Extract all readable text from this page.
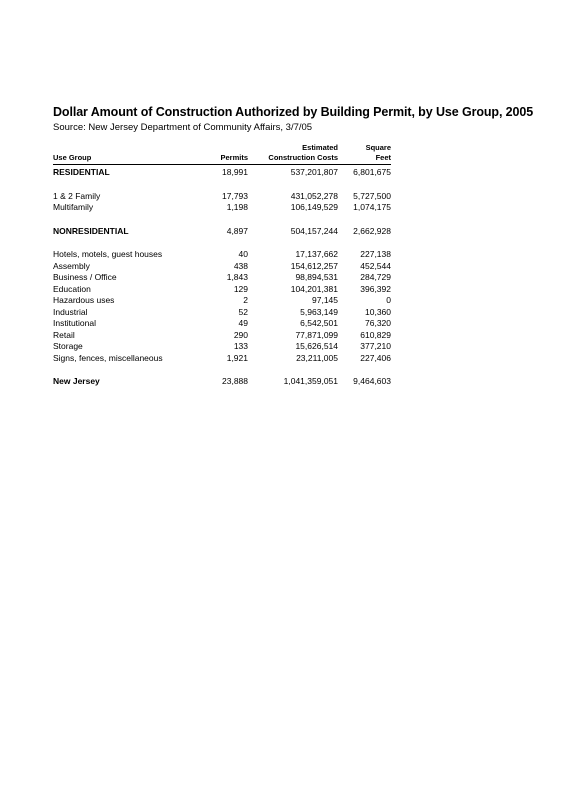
Dollar Amount of Construction Authorized by Building Permit, by Use Group, 2005
Source: New Jersey Department of Community Affairs, 3/7/05
		Estimated	Square
Use Group	Permits	Construction Costs	Feet
RESIDENTIAL	18,991	537,201,807	6,801,675

1 & 2 Family	17,793	431,052,278	5,727,500
Multifamily	1,198	106,149,529	1,074,175

NONRESIDENTIAL	4,897	504,157,244	2,662,928

Hotels, motels, guest houses	40	17,137,662	227,138
Assembly	438	154,612,257	452,544
Business / Office	1,843	98,894,531	284,729
Education	129	104,201,381	396,392
Hazardous uses	2	97,145	0
Industrial	52	5,963,149	10,360
Institutional	49	6,542,501	76,320
Retail	290	77,871,099	610,829
Storage	133	15,626,514	377,210
Signs, fences, miscellaneous	1,921	23,211,005	227,406

New Jersey	23,888	1,041,359,051	9,464,603
